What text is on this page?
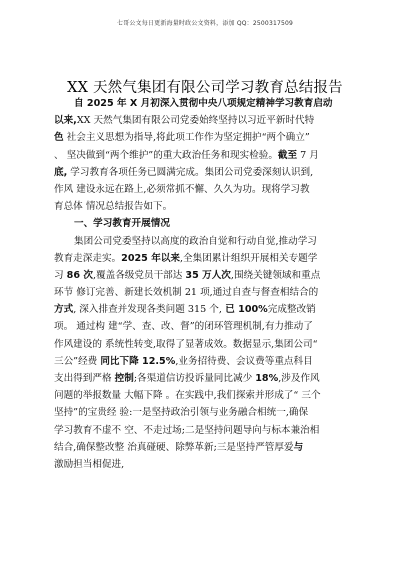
七哥公文每日更新海量时政公文资料，添加 QQ：2500317509
XX 天然气集团有限公司学习教育总结报告
自 2025 年 X 月初深入贯彻中央八项规定精神学习教育启动
以来,XX 天然气集团有限公司党委始终坚持以习近平新时代特
色 社会主义思想为指导,将此项工作作为坚定拥护“两个确立”
、 坚决做到“两个维护”的重大政治任务和现实检验。截至 7 月
底, 学习教育各项任务已圆满完成。集团公司党委深刻认识到,
作风 建设永远在路上,必须常抓不懈、久久为功。现将学习教
育总体 情况总结报告如下。
一、学习教育开展情况
集团公司党委坚持以高度的政治自觉和行动自觉,推动学习
教育走深走实。2025 年以来,全集团累计组织开展相关专题学
习 86 次,覆盖各级党员干部达 35 万人次,围绕关键领域和重点
环节 修订完善、新建长效机制 21 项,通过自查与督查相结合的
方式, 深入排查并发现各类问题 315 个, 已 100%完成整改销
项。 通过构 建“学、查、改、督”的闭环管理机制,有力推动了
作风建设的 系统性转变,取得了显著成效。数据显示,集团公司“
三公”经费 同比下降 12.5%,业务招待费、会议费等重点科目
支出得到严格 控制;各渠道信访投诉量同比减少 18%,涉及作风
问题的举报数量 大幅下降 。在实践中,我们探索并形成了“ 三个
坚持”的宝贵经 验:一是坚持政治引领与业务融合相统一,确保
学习教育不虚不 空、不走过场;二是坚持问题导向与标本兼治相
结合,确保整改整 治真碰硬、除弊革新;三是坚持严管厚爱与
激励担当相促进,
